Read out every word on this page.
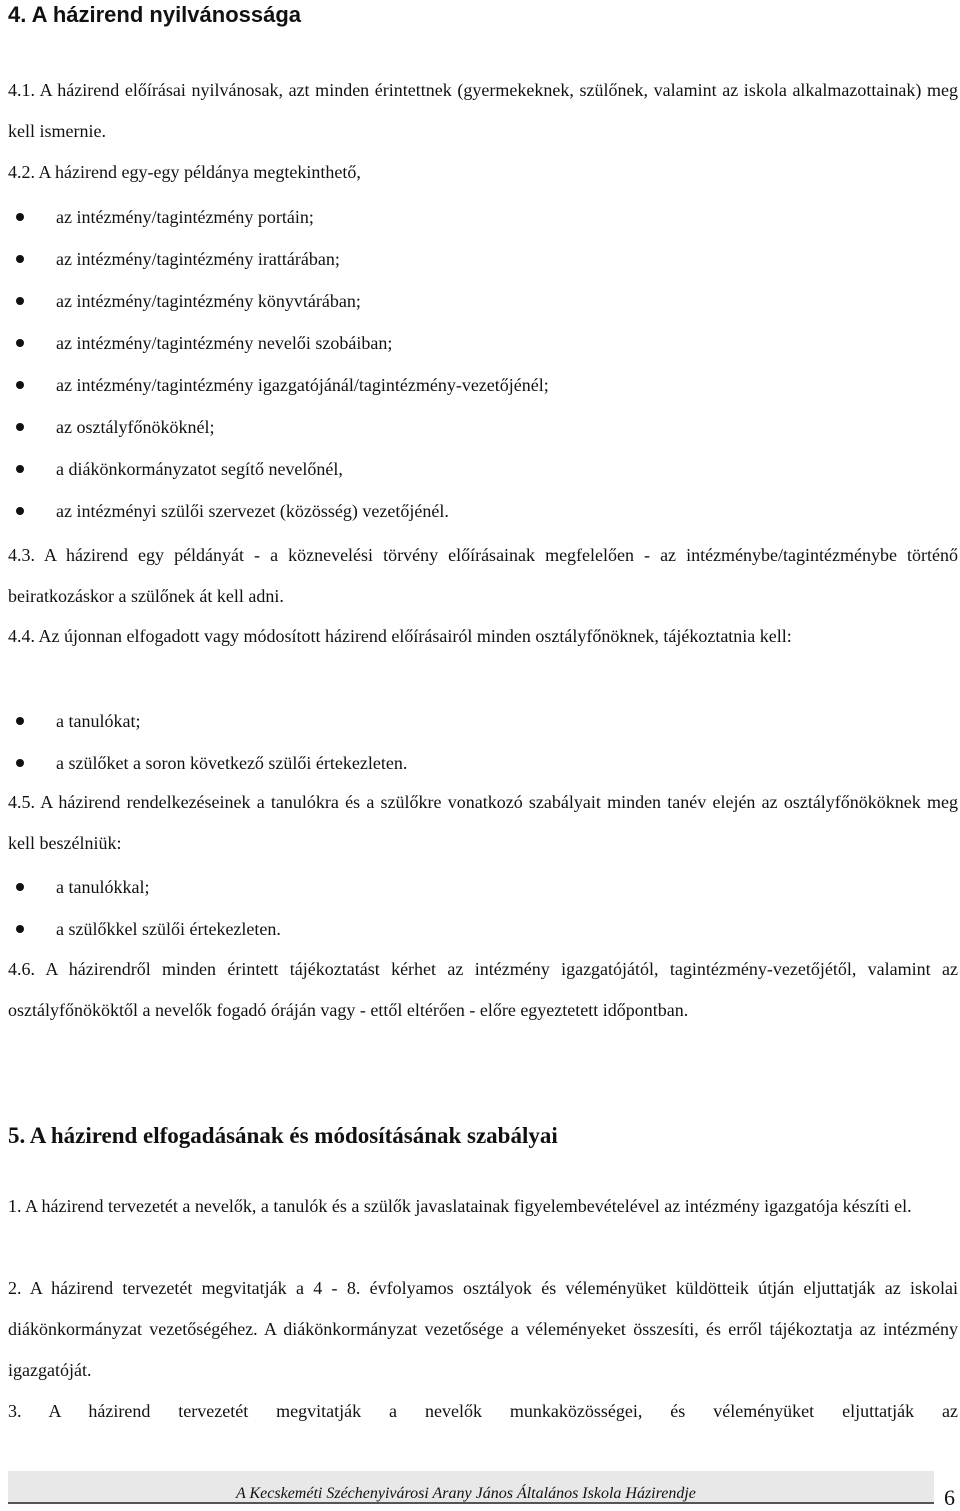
4. A házirend nyilvánossága

4.1. A házirend előírásai nyilvánosak, azt minden érintettnek (gyermekeknek, szülőnek, valamint az iskola alkalmazottainak) meg kell ismernie.

4.2. A házirend egy-egy példánya megtekinthető,

az intézmény/tagintézmény portáin;
az intézmény/tagintézmény irattárában;
az intézmény/tagintézmény könyvtárában;
az intézmény/tagintézmény nevelői szobáiban;
az intézmény/tagintézmény igazgatójánál/tagintézmény-vezetőjénél;
az osztályfőnököknél;
a diákönkormányzatot segítő nevelőnél,
az intézményi szülői szervezet (közösség) vezetőjénél.

4.3. A házirend egy példányát - a köznevelési törvény előírásainak megfelelően - az intézménybe/tagintézménybe történő beiratkozáskor a szülőnek át kell adni.

4.4. Az újonnan elfogadott vagy módosított házirend előírásairól minden osztályfőnöknek, tájékoztatnia kell:

a tanulókat;
a szülőket a soron következő szülői értekezleten.

4.5. A házirend rendelkezéseinek a tanulókra és a szülőkre vonatkozó szabályait minden tanév elején az osztályfőnököknek meg kell beszélniük:

a tanulókkal;
a szülőkkel szülői értekezleten.

4.6. A házirendről minden érintett tájékoztatást kérhet az intézmény igazgatójától, tagintézmény-vezetőjétől, valamint az osztályfőnököktől a nevelők fogadó óráján vagy - ettől eltérően - előre egyeztetett időpontban.

5. A házirend elfogadásának és módosításának szabályai

1. A házirend tervezetét a nevelők, a tanulók és a szülők javaslatainak figyelembevételével az intézmény igazgatója készíti el.

2. A házirend tervezetét megvitatják a 4 - 8. évfolyamos osztályok és véleményüket küldötteik útján eljuttatják az iskolai diákönkormányzat vezetőségéhez. A diákönkormányzat vezetősége a véleményeket összesíti, és erről tájékoztatja az intézmény igazgatóját.

3. A házirend tervezetét megvitatják a nevelők munkaközösségei, és véleményüket eljuttatják az

A Kecskeméti Széchenyivárosi Arany János Általános Iskola Házirendje	6
